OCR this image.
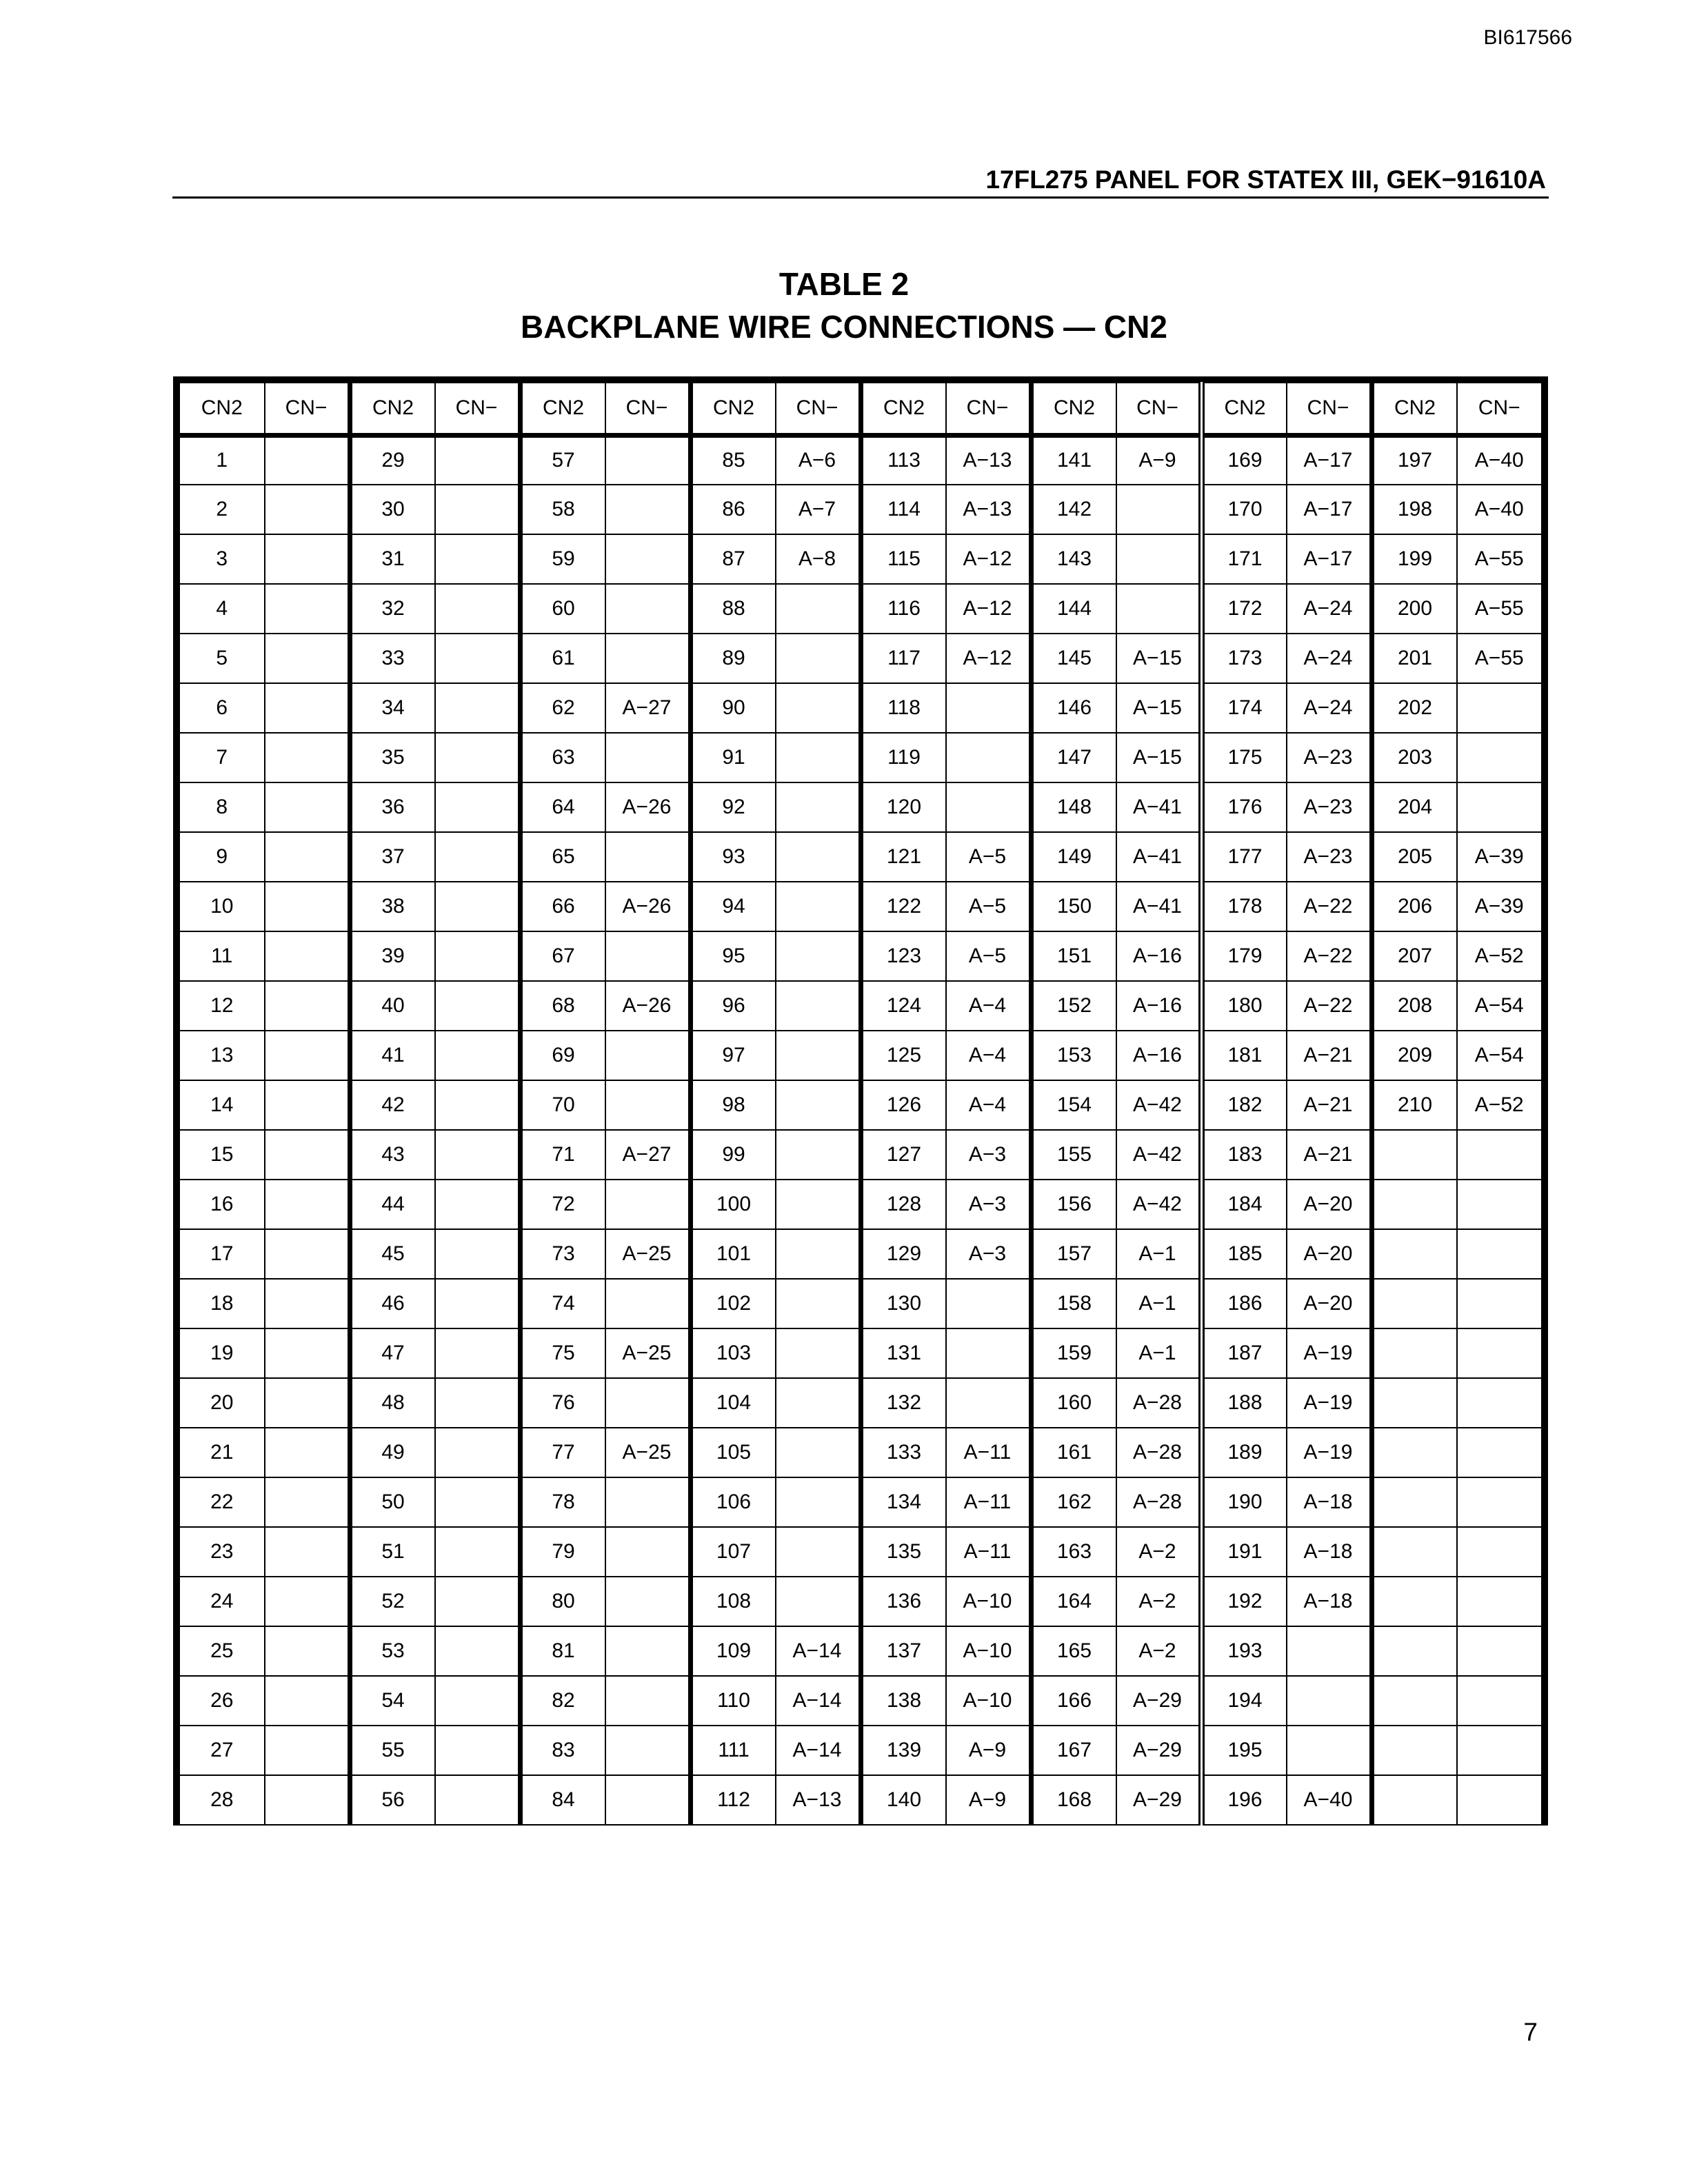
BI617566
17FL275 PANEL FOR STATEX III, GEK−91610A
TABLE 2
BACKPLANE WIRE CONNECTIONS — CN2
CN2	CN−	CN2	CN−	CN2	CN−	CN2	CN−	CN2	CN−	CN2	CN−	CN2	CN−	CN2	CN−
1		29		57		85	A−6	113	A−13	141	A−9	169	A−17	197	A−40
2		30		58		86	A−7	114	A−13	142		170	A−17	198	A−40
3		31		59		87	A−8	115	A−12	143		171	A−17	199	A−55
4		32		60		88		116	A−12	144		172	A−24	200	A−55
5		33		61		89		117	A−12	145	A−15	173	A−24	201	A−55
6		34		62	A−27	90		118		146	A−15	174	A−24	202	
7		35		63		91		119		147	A−15	175	A−23	203	
8		36		64	A−26	92		120		148	A−41	176	A−23	204	
9		37		65		93		121	A−5	149	A−41	177	A−23	205	A−39
10		38		66	A−26	94		122	A−5	150	A−41	178	A−22	206	A−39
11		39		67		95		123	A−5	151	A−16	179	A−22	207	A−52
12		40		68	A−26	96		124	A−4	152	A−16	180	A−22	208	A−54
13		41		69		97		125	A−4	153	A−16	181	A−21	209	A−54
14		42		70		98		126	A−4	154	A−42	182	A−21	210	A−52
15		43		71	A−27	99		127	A−3	155	A−42	183	A−21		
16		44		72		100		128	A−3	156	A−42	184	A−20		
17		45		73	A−25	101		129	A−3	157	A−1	185	A−20		
18		46		74		102		130		158	A−1	186	A−20		
19		47		75	A−25	103		131		159	A−1	187	A−19		
20		48		76		104		132		160	A−28	188	A−19		
21		49		77	A−25	105		133	A−11	161	A−28	189	A−19		
22		50		78		106		134	A−11	162	A−28	190	A−18		
23		51		79		107		135	A−11	163	A−2	191	A−18		
24		52		80		108		136	A−10	164	A−2	192	A−18		
25		53		81		109	A−14	137	A−10	165	A−2	193			
26		54		82		110	A−14	138	A−10	166	A−29	194			
27		55		83		111	A−14	139	A−9	167	A−29	195			
28		56		84		112	A−13	140	A−9	168	A−29	196	A−40		
7
